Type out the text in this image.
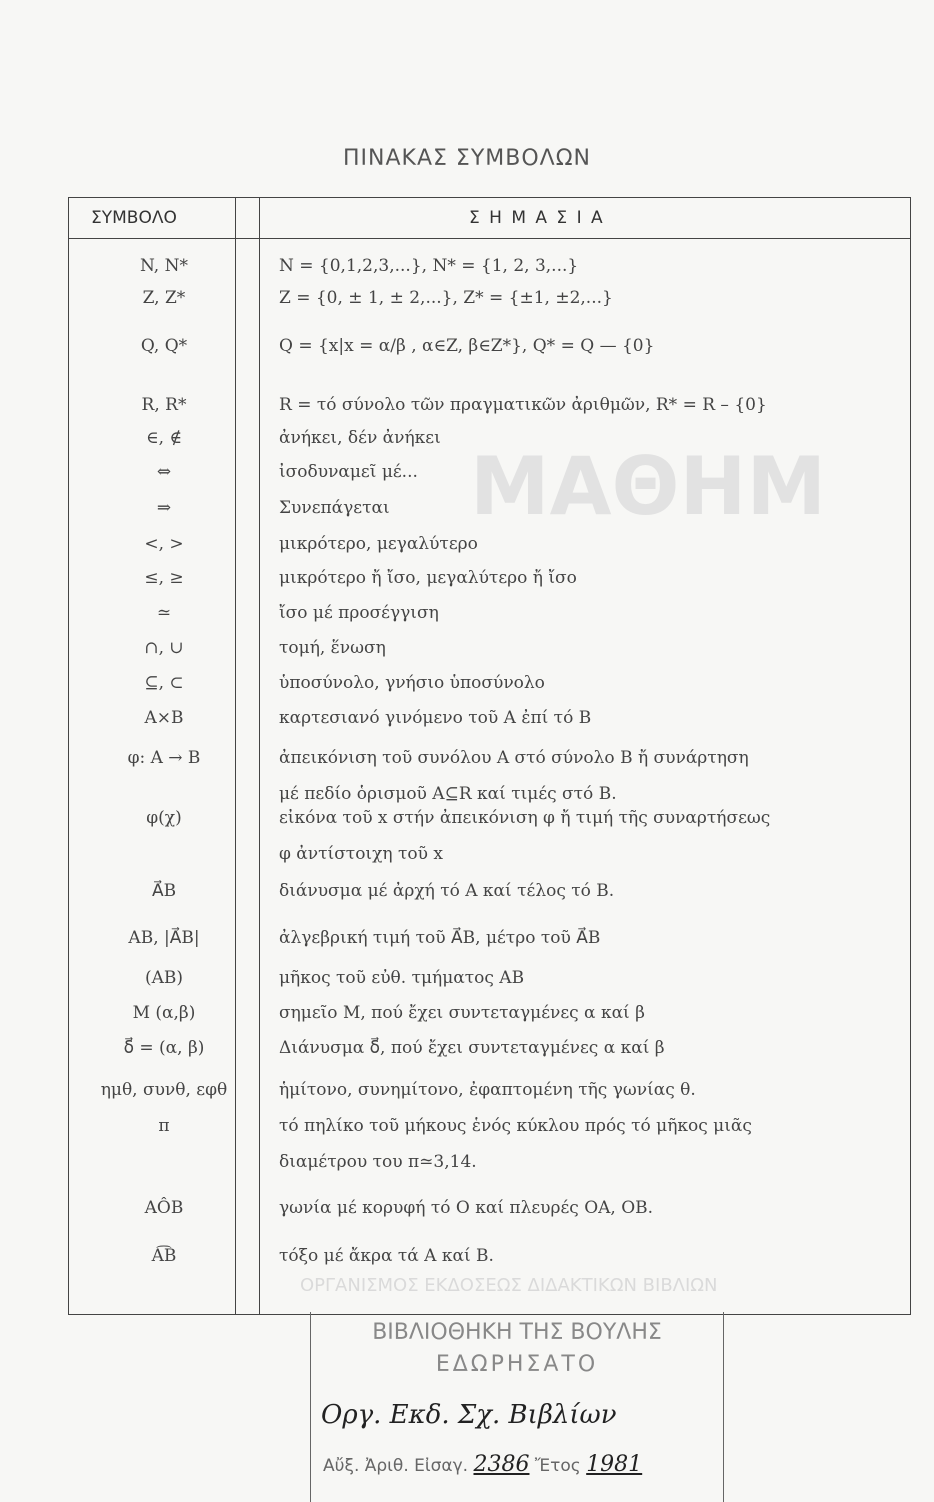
ΜΑΘΗΜ
ΟΡΓΑΝΙΣΜΟΣ ΕΚΔΟΣΕΩΣ ΔΙΔΑΚΤΙΚΩΝ ΒΙΒΛΙΩΝ
ΠΙΝΑΚΑΣ ΣΥΜΒΟΛΩΝ
ΣΥΜΒΟΛΟ	Σ Η Μ Α Σ Ι Α
N, N*	N = {0,1,2,3,...}, N* = {1, 2, 3,...}
Z, Z*	Z = {0, ± 1, ± 2,...}, Z* = {±1, ±2,...}
Q, Q*	Q = {x|x = α/β , α∈Z, β∈Z*}, Q* = Q — {0}
R, R*	R = τό σύνολο τῶν πραγματικῶν ἀριθμῶν, R* = R – {0}
∈, ∉	ἀνήκει, δέν ἀνήκει
⇔	ἰσοδυναμεῖ μέ...
⇒	Συνεπάγεται
<, >	μικρότερο, μεγαλύτερο
≤, ≥	μικρότερο ἤ ἴσο, μεγαλύτερο ἤ ἴσο
≃	ἴσο μέ προσέγγιση
∩, ∪	τομή, ἕνωση
⊆, ⊂	ὑποσύνολο, γνήσιο ὑποσύνολο
A×B	καρτεσιανό γινόμενο τοῦ A ἐπί τό B
φ: A → B	ἀπεικόνιση τοῦ συνόλου A στό σύνολο B ἤ συνάρτηση
μέ πεδίο ὁρισμοῦ A⊆R καί τιμές στό B.
φ(χ)	εἰκόνα τοῦ x στήν ἀπεικόνιση φ ἤ τιμή τῆς συναρτήσεως
φ ἀντίστοιχη τοῦ x
A⃗B	διάνυσμα μέ ἀρχή τό A καί τέλος τό B.
AB, |A⃗B|	ἀλγεβρική τιμή τοῦ A⃗B, μέτρο τοῦ A⃗B
(AB)	μῆκος τοῦ εὐθ. τμήματος AB
M (α,β)	σημεῖο M, πού ἔχει συντεταγμένες α καί β
δ⃗ = (α, β)	Διάνυσμα δ⃗, πού ἔχει συντεταγμένες α καί β
ημθ, συνθ, εφθ	ἡμίτονο, συνημίτονο, ἐφαπτομένη τῆς γωνίας θ.
π	τό πηλίκο τοῦ μήκους ἑνός κύκλου πρός τό μῆκος μιᾶς
διαμέτρου του π≃3,14.
AÔB	γωνία μέ κορυφή τό O καί πλευρές OA, OB.
A͡B	τόξο μέ ἄκρα τά A καί B.
ΒΙΒΛΙΟΘΗΚΗ ΤΗΣ ΒΟΥΛΗΣ
ΕΔΩΡΗΣΑΤΟ
Οργ. Εκδ. Σχ. Βιβλίων
Αὔξ. Ἀριθ. Εἰσαγ. 2386 Ἔτος 1981
